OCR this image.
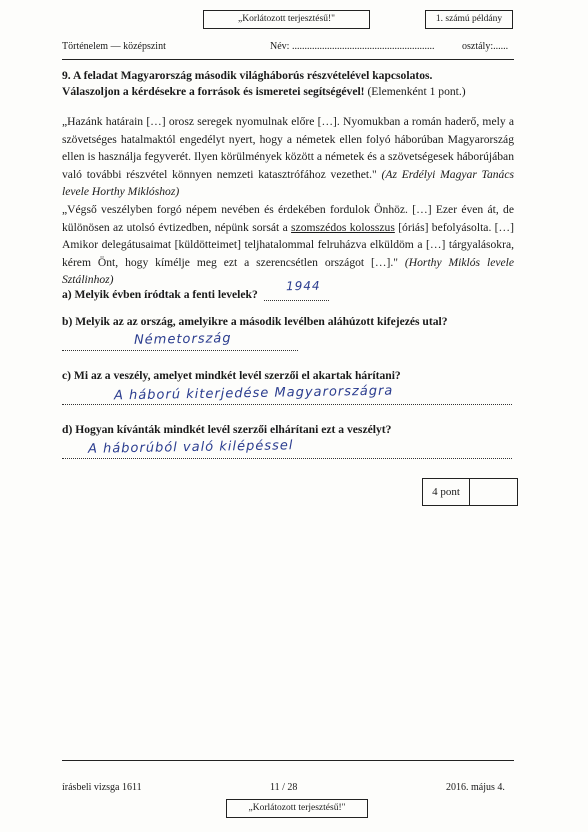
„Korlátozott terjesztésű!"	1. számú példány
Történelem — középszint	Név: .........................................................	osztály:......
9. A feladat Magyarország második világháborús részvételével kapcsolatos.
Válaszoljon a kérdésekre a források és ismeretei segítségével! (Elemenként 1 pont.)
„Hazánk határain […] orosz seregek nyomulnak előre […]. Nyomukban a román haderő, mely a szövetséges hatalmaktól engedélyt nyert, hogy a németek ellen folyó háborúban Magyarország ellen is használja fegyverét. Ilyen körülmények között a németek és a szövetségesek háborújában való további részvétel könnyen nemzeti katasztrófához vezethet." (Az Erdélyi Magyar Tanács levele Horthy Miklóshoz)
„Végső veszélyben forgó népem nevében és érdekében fordulok Önhöz. […] Ezer éven át, de különösen az utolsó évtizedben, népünk sorsát a szomszédos kolosszus [óriás] befolyásolta. […] Amikor delegátusaimat [küldötteimet] teljhatalommal felruházva elküldöm a […] tárgyalásokra, kérem Önt, hogy kímélje meg ezt a szerencsétlen országot […]." (Horthy Miklós levele Sztálinhoz)
a) Melyik évben íródtak a fenti levelek?
1944
b) Melyik az az ország, amelyikre a második levélben aláhúzott kifejezés utal?
Németország
c) Mi az a veszély, amelyet mindkét levél szerzői el akartak hárítani?
A háború kiterjedése Magyarországra
d) Hogyan kívánták mindkét levél szerzői elhárítani ezt a veszélyt?
A háborúból való kilépéssel
4 pont
írásbeli vizsga 1611	11 / 28	2016. május 4.
„Korlátozott terjesztésű!"
